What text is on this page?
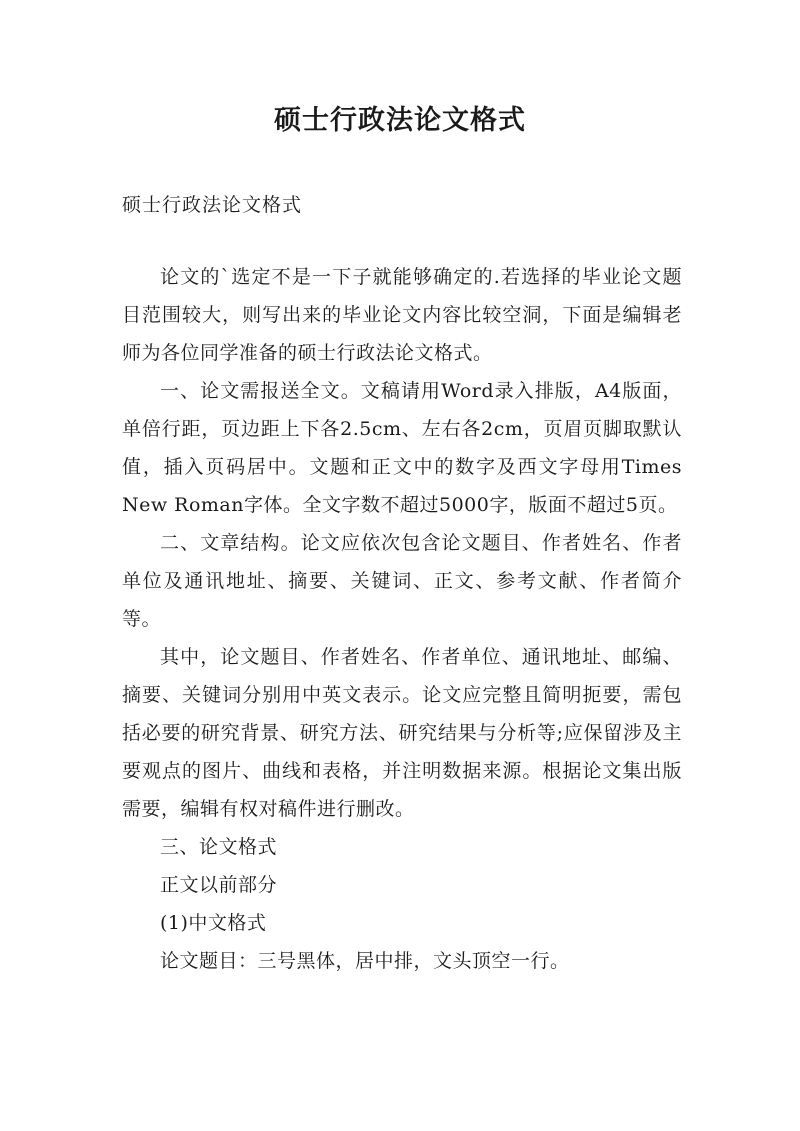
硕士行政法论文格式

硕士行政法论文格式

论文的`选定不是一下子就能够确定的.若选择的毕业论文题目范围较大，则写出来的毕业论文内容比较空洞，下面是编辑老师为各位同学准备的硕士行政法论文格式。

一、论文需报送全文。文稿请用Word录入排版，A4版面，单倍行距，页边距上下各2.5cm、左右各2cm，页眉页脚取默认值，插入页码居中。文题和正文中的数字及西文字母用Times New Roman字体。全文字数不超过5000字，版面不超过5页。

二、文章结构。论文应依次包含论文题目、作者姓名、作者单位及通讯地址、摘要、关键词、正文、参考文献、作者简介等。

其中，论文题目、作者姓名、作者单位、通讯地址、邮编、摘要、关键词分别用中英文表示。论文应完整且简明扼要，需包括必要的研究背景、研究方法、研究结果与分析等;应保留涉及主要观点的图片、曲线和表格，并注明数据来源。根据论文集出版需要，编辑有权对稿件进行删改。

三、论文格式

正文以前部分

(1)中文格式

论文题目：三号黑体，居中排，文头顶空一行。
